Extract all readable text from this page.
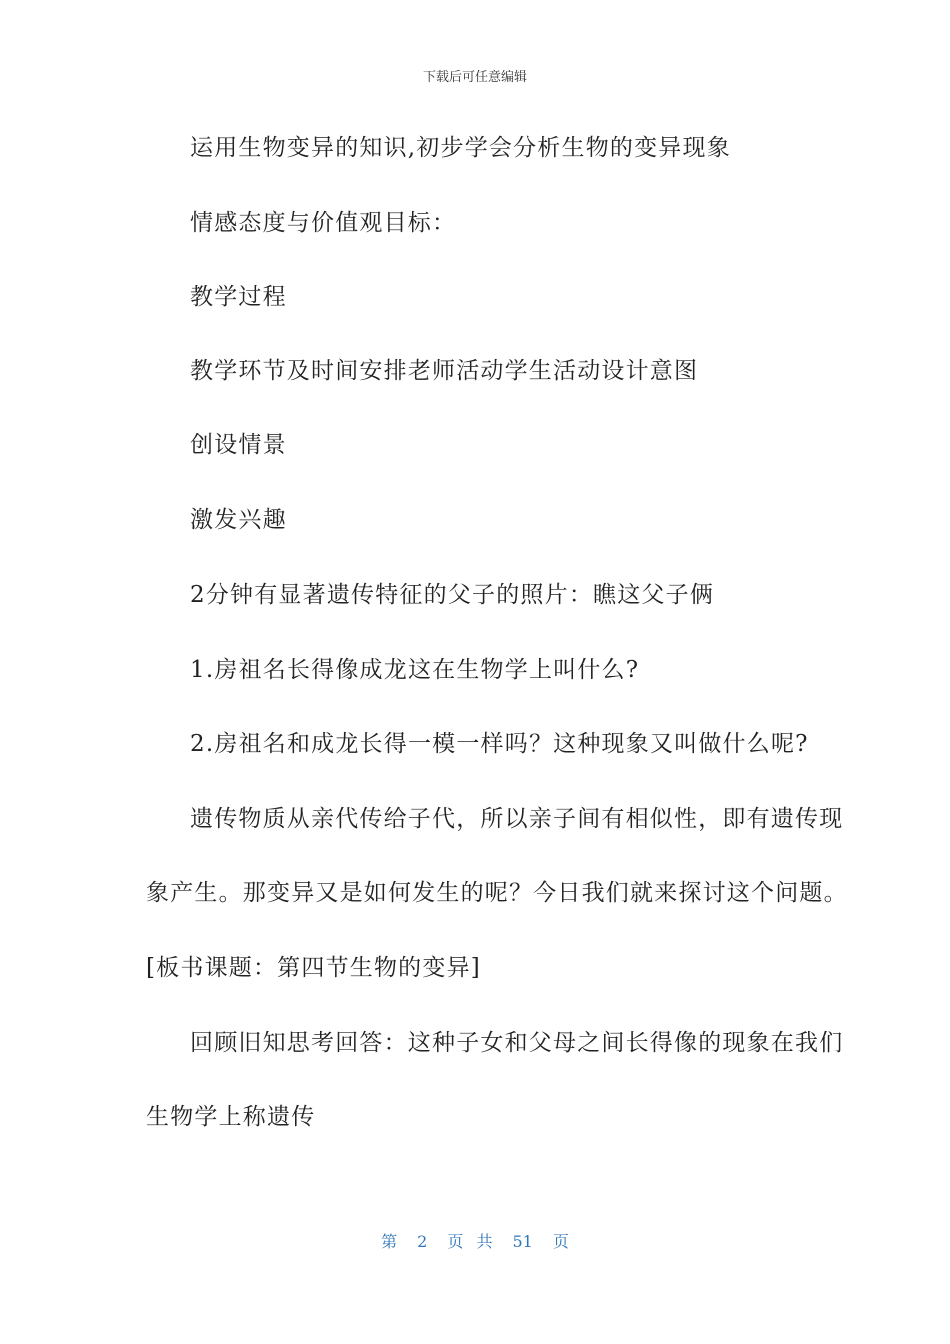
下载后可任意编辑
运用生物变异的知识,初步学会分析生物的变异现象
情感态度与价值观目标：
教学过程
教学环节及时间安排老师活动学生活动设计意图
创设情景
激发兴趣
2分钟有显著遗传特征的父子的照片：瞧这父子俩
1.房祖名长得像成龙这在生物学上叫什么?
2.房祖名和成龙长得一模一样吗？这种现象又叫做什么呢?
遗传物质从亲代传给子代，所以亲子间有相似性，即有遗传现
象产生。那变异又是如何发生的呢？今日我们就来探讨这个问题。
[板书课题：第四节生物的变异]
回顾旧知思考回答：这种子女和父母之间长得像的现象在我们
生物学上称遗传
第 2 页 共 51 页
